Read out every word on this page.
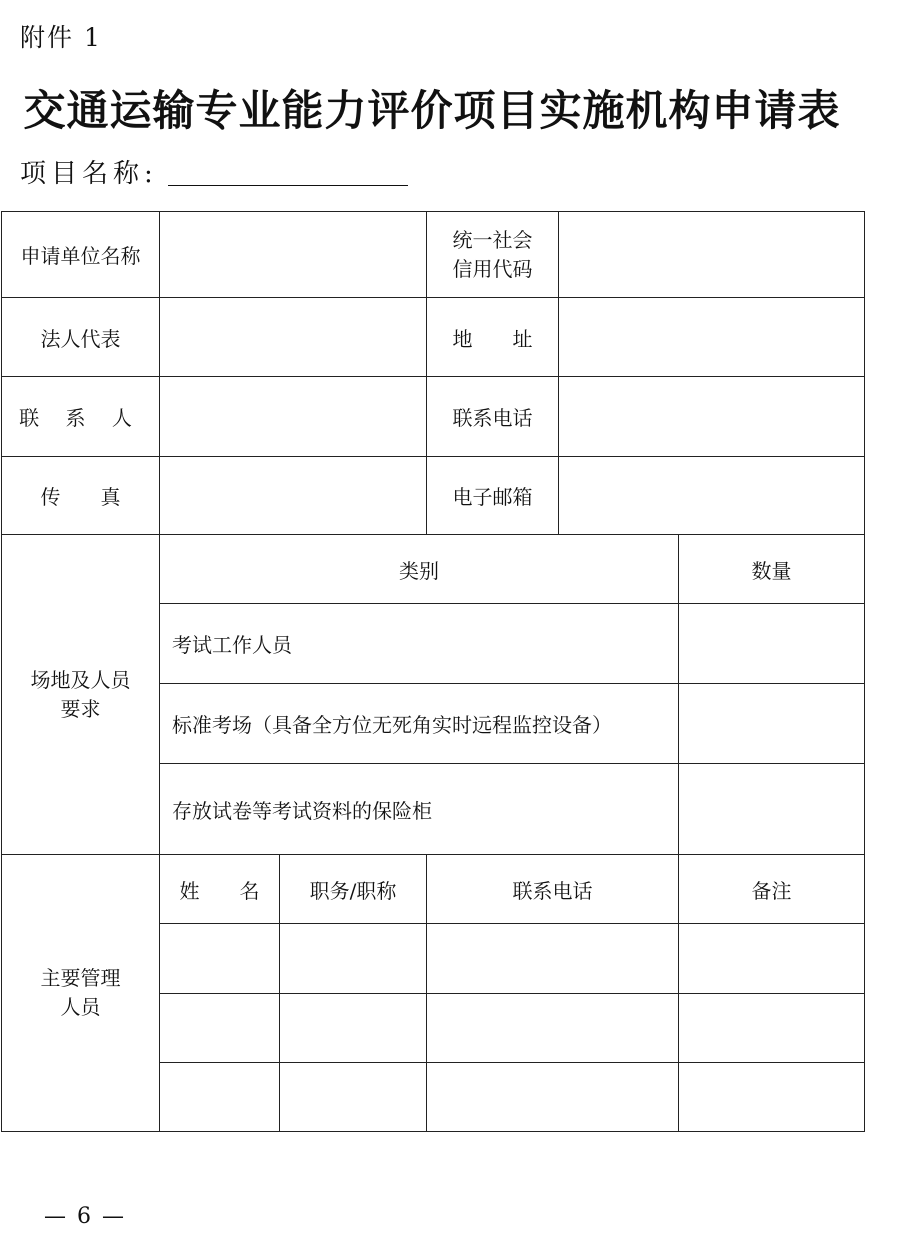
附件 1
交通运输专业能力评价项目实施机构申请表
项目名称:
申请单位名称			统一社会
信用代码		

法人代表			地　　址		
联 系 人			联系电话		
传　　真			电子邮箱		

场地及人员
要求	类别				数量
	考试工作人员				
	标准考场（具备全方位无死角实时远程监控设备）				
	存放试卷等考试资料的保险柜				

主要管理
人员	姓　　名	职务/职称	联系电话		备注

— 6 —
